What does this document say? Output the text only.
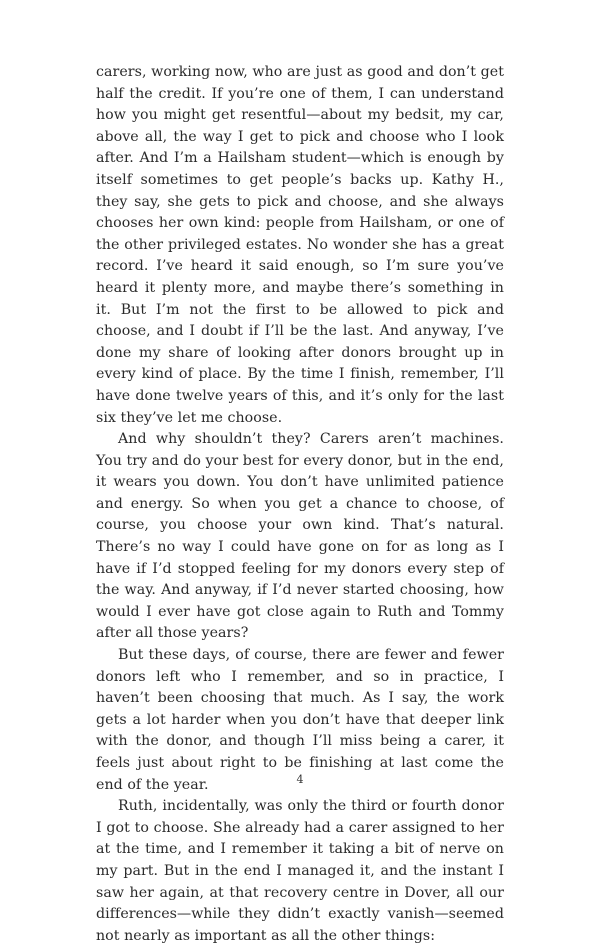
carers, working now, who are just as good and don’t get half the credit. If you’re one of them, I can understand how you might get resentful—about my bedsit, my car, above all, the way I get to pick and choose who I look after. And I’m a Hailsham student—which is enough by itself sometimes to get people’s backs up. Kathy H., they say, she gets to pick and choose, and she always chooses her own kind: people from Hailsham, or one of the other privileged estates. No wonder she has a great record. I’ve heard it said enough, so I’m sure you’ve heard it plenty more, and maybe there’s something in it. But I’m not the first to be allowed to pick and choose, and I doubt if I’ll be the last. And anyway, I’ve done my share of looking after donors brought up in every kind of place. By the time I finish, remember, I’ll have done twelve years of this, and it’s only for the last six they’ve let me choose.

And why shouldn’t they? Carers aren’t machines. You try and do your best for every donor, but in the end, it wears you down. You don’t have unlimited patience and energy. So when you get a chance to choose, of course, you choose your own kind. That’s natural. There’s no way I could have gone on for as long as I have if I’d stopped feeling for my donors every step of the way. And anyway, if I’d never started choosing, how would I ever have got close again to Ruth and Tommy after all those years?

But these days, of course, there are fewer and fewer donors left who I remember, and so in practice, I haven’t been choosing that much. As I say, the work gets a lot harder when you don’t have that deeper link with the donor, and though I’ll miss being a carer, it feels just about right to be finishing at last come the end of the year.

Ruth, incidentally, was only the third or fourth donor I got to choose. She already had a carer assigned to her at the time, and I remember it taking a bit of nerve on my part. But in the end I managed it, and the instant I saw her again, at that recovery centre in Dover, all our differences—while they didn’t exactly vanish—seemed not nearly as important as all the other things:

4
